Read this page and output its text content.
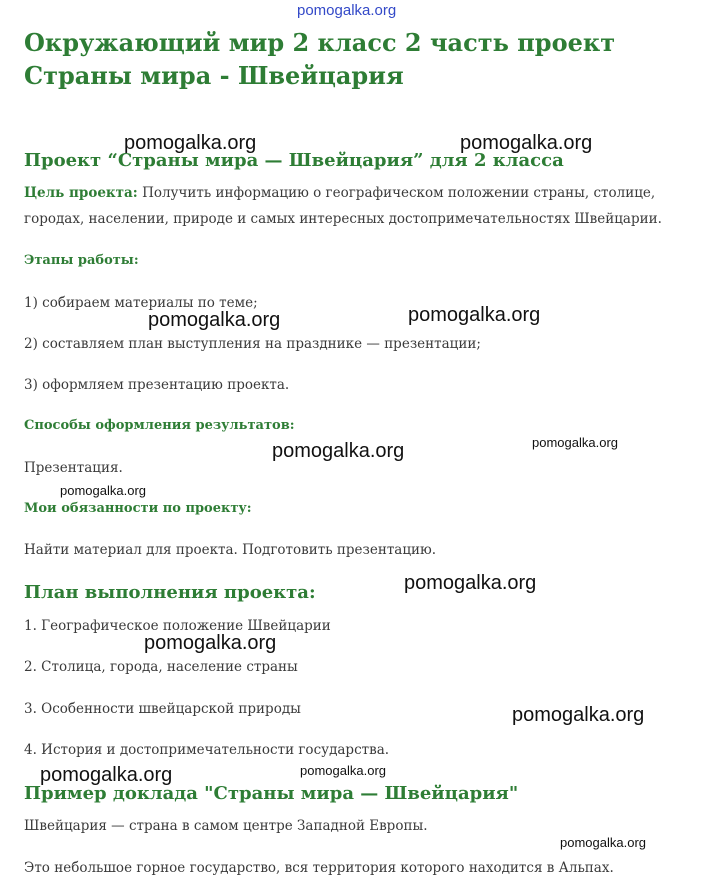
pomogalka.org
Окружающий мир 2 класс 2 часть проект Страны мира - Швейцария
Проект “Страны мира — Швейцария” для 2 класса
Цель проекта: Получить информацию о географическом положении страны, столице,
городах, населении, природе и самых интересных достопримечательностях Швейцарии.
Этапы работы:
1) собираем материалы по теме;
2) составляем план выступления на празднике — презентации;
3) оформляем презентацию проекта.
Способы оформления результатов:
Презентация.
Мои обязанности по проекту:
Найти материал для проекта. Подготовить презентацию.
План выполнения проекта:
1. Географическое положение Швейцарии
2. Столица, города, население страны
3. Особенности швейцарской природы
4. История и достопримечательности государства.
Пример доклада "Страны мира — Швейцария"
Швейцария — страна в самом центре Западной Европы.
Это небольшое горное государство, вся территория которого находится в Альпах.
pomogalka.org	pomogalka.org
pomogalka.org	pomogalka.org
pomogalka.org	pomogalka.org
pomogalka.org
pomogalka.org
pomogalka.org
pomogalka.org
pomogalka.org	pomogalka.org
pomogalka.org
